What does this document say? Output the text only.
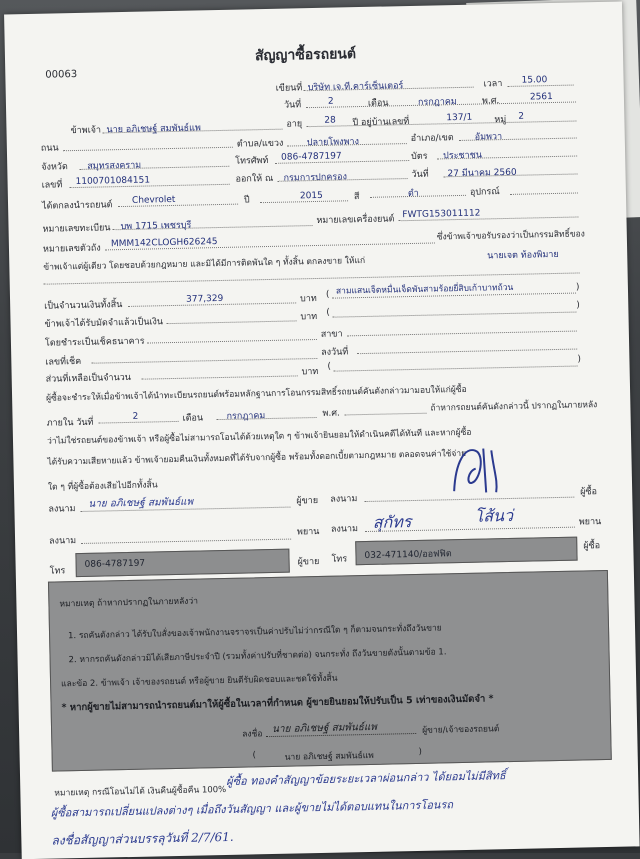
00063
สัญญาซื้อรถยนต์
เขียนที่ บริษัท เจ.ที.คาร์เซ็นเตอร์	เวลา 15.00
วันที่	2	เดือน	กรกฎาคม	พ.ศ.	2561
ข้าพเจ้า นาย อภิเชษฐ์ สมพันธ์แพ	อายุ 28 ปี อยู่บ้านเลขที่	137/1 หมู่ 2
ถนน	ตำบล/แขวง	ปลายโพงพาง	อำเภอ/เขต อัมพวา
จังหวัด สมุทรสงคราม	โทรศัพท์ 086-4787197	บัตร ประชาชน
เลขที่ 1100701084151	ออกให้ ณ กรมการปกครอง	วันที่ 27 มีนาคม 2560
ได้ตกลงนำรถยนต์ Chevrolet	ปี	2015	สี	ดำ	อุปกรณ์
หมายเลขทะเบียน บพ 1715 เพชรบุรี
หมายเลขเครื่องยนต์ FWTG153011112
หมายเลขตัวถัง MMM142CLOGH626245
ซึ่งข้าพเจ้าขอรับรองว่าเป็นกรรมสิทธิ์ของ
ข้าพเจ้าแต่ผู้เดียว โดยชอบด้วยกฎหมาย และมิได้มีการติดพันใด ๆ ทั้งสิ้น ตกลงขาย ให้แก่
นายเจต ท้องพิมาย
เป็นจำนวนเงินทั้งสิ้น
377,329	บาท ( สามแสนเจ็ดหมื่นเจ็ดพันสามร้อยยี่สิบเก้าบาทถ้วน	)
ข้าพเจ้าได้รับมัดจำแล้วเป็นเงิน
บาท (
)
โดยชำระเป็นเช็คธนาคาร
สาขา
เลขที่เช็ค
ลงวันที่
ส่วนที่เหลือเป็นจำนวน
บาท
(
)
ผู้ซื้อจะชำระให้เมื่อข้าพเจ้าได้นำทะเบียนรถยนต์พร้อมหลักฐานการโอนกรรมสิทธิ์รถยนต์คันดังกล่าวมามอบให้แก่ผู้ซื้อ
ภายใน วันที่
2	เดือน	กรกฎาคม	พ.ศ.
ถ้าหากรถยนต์คันดังกล่าวนี้ ปรากฏในภายหลัง
ว่าไม่ใช่รถยนต์ของข้าพเจ้า หรือผู้ซื้อไม่สามารถโอนได้ด้วยเหตุใด ๆ ข้าพเจ้ายินยอมให้ดำเนินคดีได้ทันที และหากผู้ซื้อ
ได้รับความเสียหายแล้ว ข้าพเจ้ายอมคืนเงินทั้งหมดที่ได้รับจากผู้ซื้อ พร้อมทั้งดอกเบี้ยตามกฎหมาย ตลอดจนค่าใช้จ่าย
ใด ๆ ที่ผู้ซื้อต้องเสียไปอีกทั้งสิ้น
ลงนาม นาย อภิเชษฐ์ สมพันธ์แพ	ผู้ขาย ลงนาม
ผู้ซื้อ
ลงนาม
พยาน ลงนาม สุกัทร	โส้นว่	พยาน
โทร
086-4787197	ผู้ขาย โทร 032-471140/ออฟฟิต
ผู้ซื้อ
หมายเหตุ ถ้าหากปรากฏในภายหลังว่า
1. รถคันดังกล่าว ได้รับใบสั่งของเจ้าพนักงานจราจรเป็นค่าปรับไม่ว่ากรณีใด ๆ ก็ตามจนกระทั่งถึงวันขาย
2. หากรถคันดังกล่าวมิได้เสียภาษีประจำปี (รวมทั้งค่าปรับที่ชาดต่อ) จนกระทั่ง ถึงวันขายดังนั้นตามข้อ 1.
และข้อ 2. ข้าพเจ้า เจ้าของรถยนต์ หรือผู้ขาย ยินดีรับผิดชอบและชดใช้ทั้งสิ้น
* หากผู้ขายไม่สามารถนำรถยนต์มาให้ผู้ซื้อในเวลาที่กำหนด ผู้ขายยินยอมให้ปรับเป็น 5 เท่าของเงินมัดจำ *
ลงชื่อ นาย อภิเชษฐ์ สมพันธ์แพ	ผู้ขาย/เจ้าของรถยนต์
(	นาย อภิเชษฐ์ สมพันธ์แพ	)
หมายเหตุ กรณีโอนไม่ได้ เงินคืนผู้ซื้อคืน 100%
ผู้ซื้อ ทองคำสัญญาข้อยระยะเวลาผ่อนกล่าว ได้ยอมไม่มีสิทธิ์
ผู้ซื้อสามารถเปลี่ยนแปลงต่างๆ เมื่อถึงวันสัญญา และผู้ขายไม่ได้ตอบแทนในการโอนรถ
ลงชื่อสัญญาส่วนบรรลุวันที่ 2/7/61.
